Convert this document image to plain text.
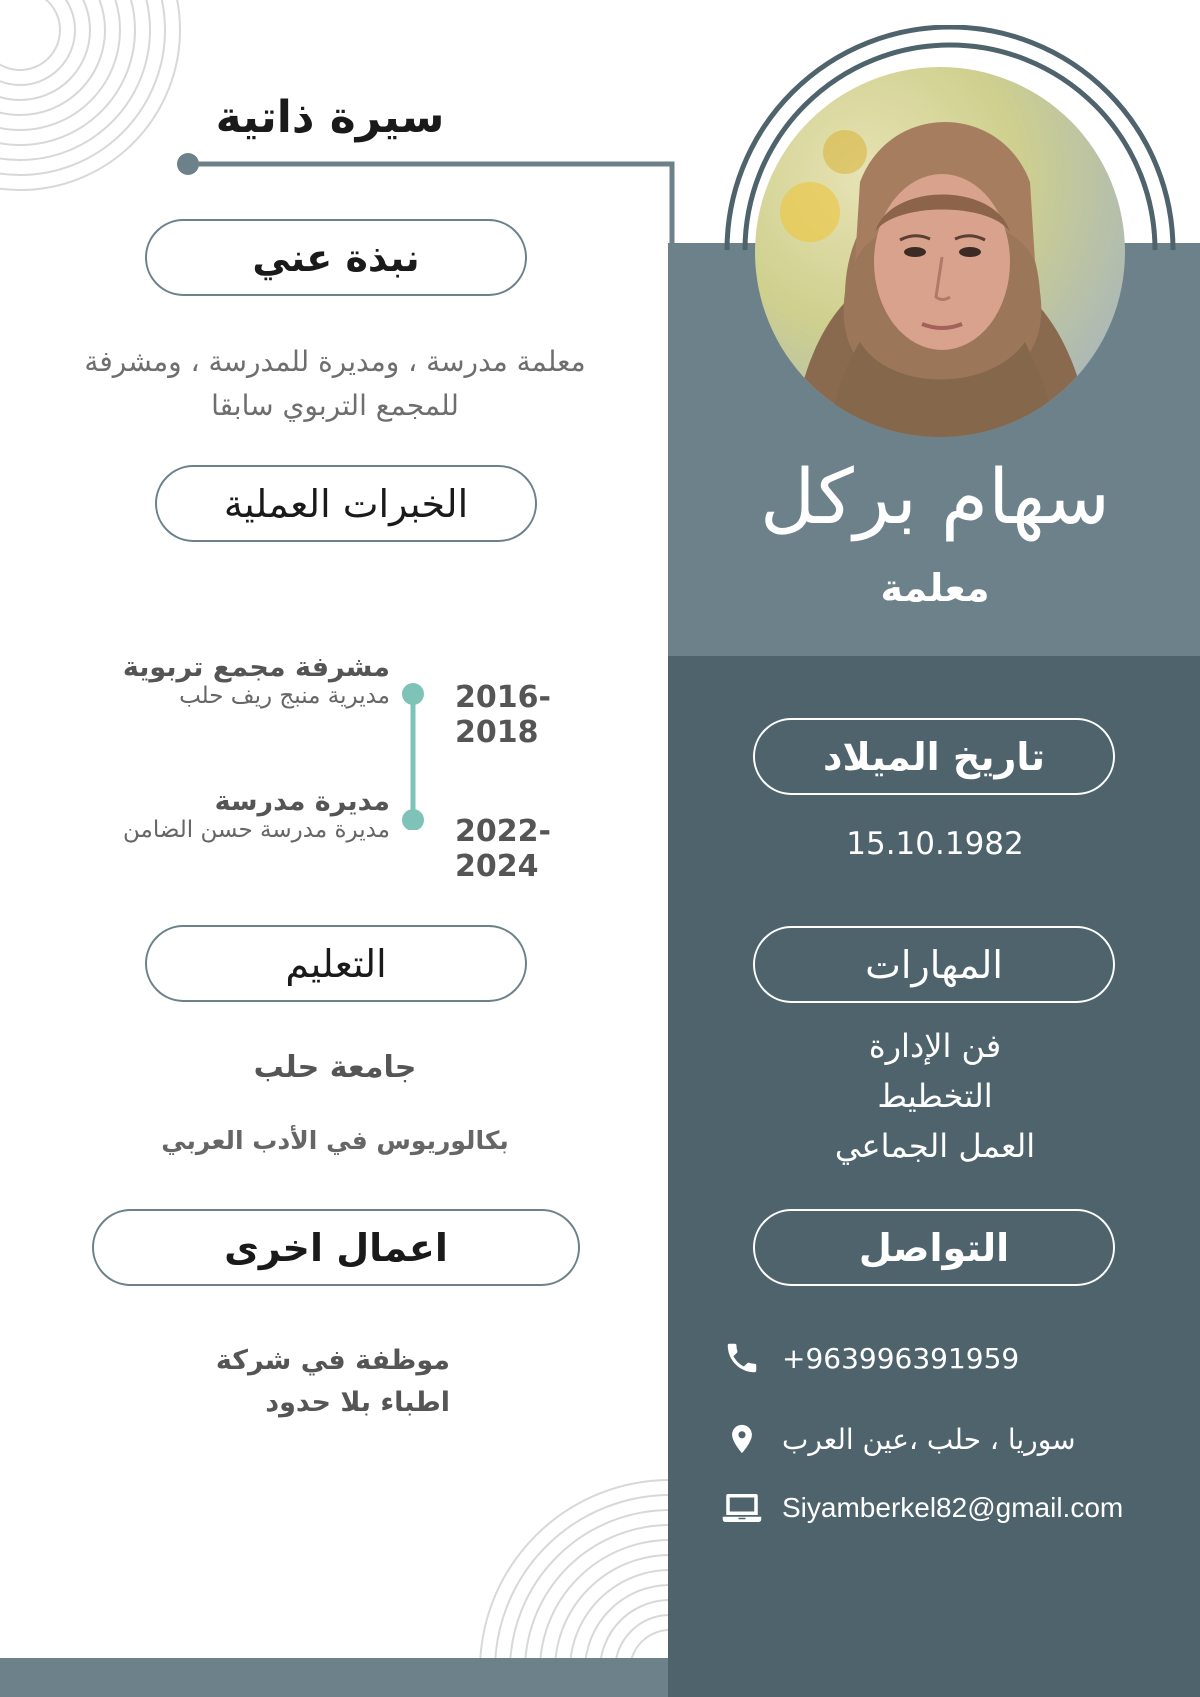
سيرة ذاتية
نبذة عني
معلمة مدرسة ، ومديرة للمدرسة ، ومشرفة
للمجمع التربوي سابقا
الخبرات العملية
مشرفة مجمع تربوية
مديرية منبج ريف حلب 2016-2018
مديرة مدرسة
مديرة مدرسة حسن الضامن 2022-2024
التعليم
جامعة حلب
بكالوريوس في الأدب العربي
اعمال اخرى
موظفة في شركة
اطباء بلا حدود
سهام بركل
معلمة
تاريخ الميلاد
15.10.1982
المهارات
فن الإدارة
التخطيط
العمل الجماعي
التواصل
+963996391959
سوريا ، حلب ،عين العرب
Siyamberkel82@gmail.com
